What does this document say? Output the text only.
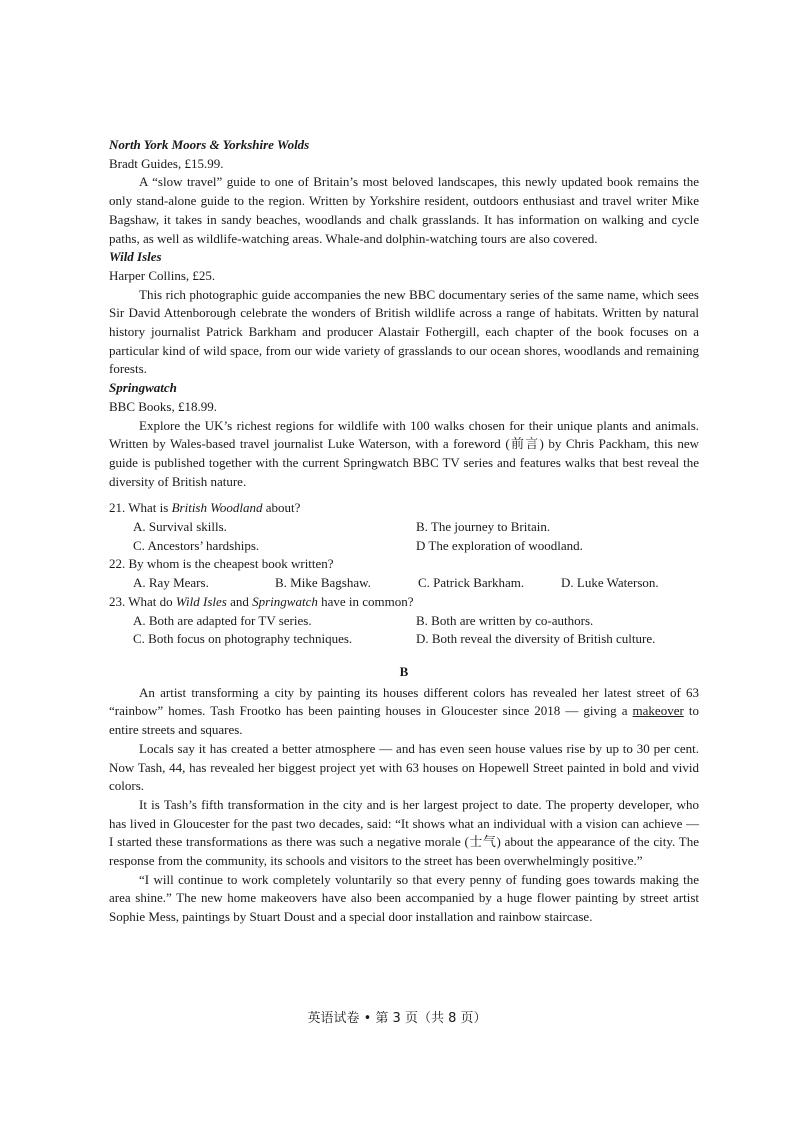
North York Moors & Yorkshire Wolds
Bradt Guides, £15.99.
A “slow travel” guide to one of Britain’s most beloved landscapes, this newly updated book remains the only stand-alone guide to the region. Written by Yorkshire resident, outdoors enthusiast and travel writer Mike Bagshaw, it takes in sandy beaches, woodlands and chalk grasslands. It has information on walking and cycle paths, as well as wildlife-watching areas. Whale-and dolphin-watching tours are also covered.
Wild Isles
Harper Collins, £25.
This rich photographic guide accompanies the new BBC documentary series of the same name, which sees Sir David Attenborough celebrate the wonders of British wildlife across a range of habitats. Written by natural history journalist Patrick Barkham and producer Alastair Fothergill, each chapter of the book focuses on a particular kind of wild space, from our wide variety of grasslands to our ocean shores, woodlands and remaining forests.
Springwatch
BBC Books, £18.99.
Explore the UK’s richest regions for wildlife with 100 walks chosen for their unique plants and animals. Written by Wales-based travel journalist Luke Waterson, with a foreword (前言) by Chris Packham, this new guide is published together with the current Springwatch BBC TV series and features walks that best reveal the diversity of British nature.
21. What is British Woodland about?
A. Survival skills.	B. The journey to Britain.
C. Ancestors’ hardships.	D The exploration of woodland.
22. By whom is the cheapest book written?
A. Ray Mears.	B. Mike Bagshaw.	C. Patrick Barkham.	D. Luke Waterson.
23. What do Wild Isles and Springwatch have in common?
A. Both are adapted for TV series.	B. Both are written by co-authors.
C. Both focus on photography techniques.	D. Both reveal the diversity of British culture.
B
An artist transforming a city by painting its houses different colors has revealed her latest street of 63 “rainbow” homes. Tash Frootko has been painting houses in Gloucester since 2018 — giving a makeover to entire streets and squares.
Locals say it has created a better atmosphere — and has even seen house values rise by up to 30 per cent. Now Tash, 44, has revealed her biggest project yet with 63 houses on Hopewell Street painted in bold and vivid colors.
It is Tash’s fifth transformation in the city and is her largest project to date. The property developer, who has lived in Gloucester for the past two decades, said: “It shows what an individual with a vision can achieve — I started these transformations as there was such a negative morale (士气) about the appearance of the city. The response from the community, its schools and visitors to the street has been overwhelmingly positive.”
“I will continue to work completely voluntarily so that every penny of funding goes towards making the area shine.” The new home makeovers have also been accompanied by a huge flower painting by street artist Sophie Mess, paintings by Stuart Doust and a special door installation and rainbow staircase.
英语试卷 • 第 3 页（共 8 页）
